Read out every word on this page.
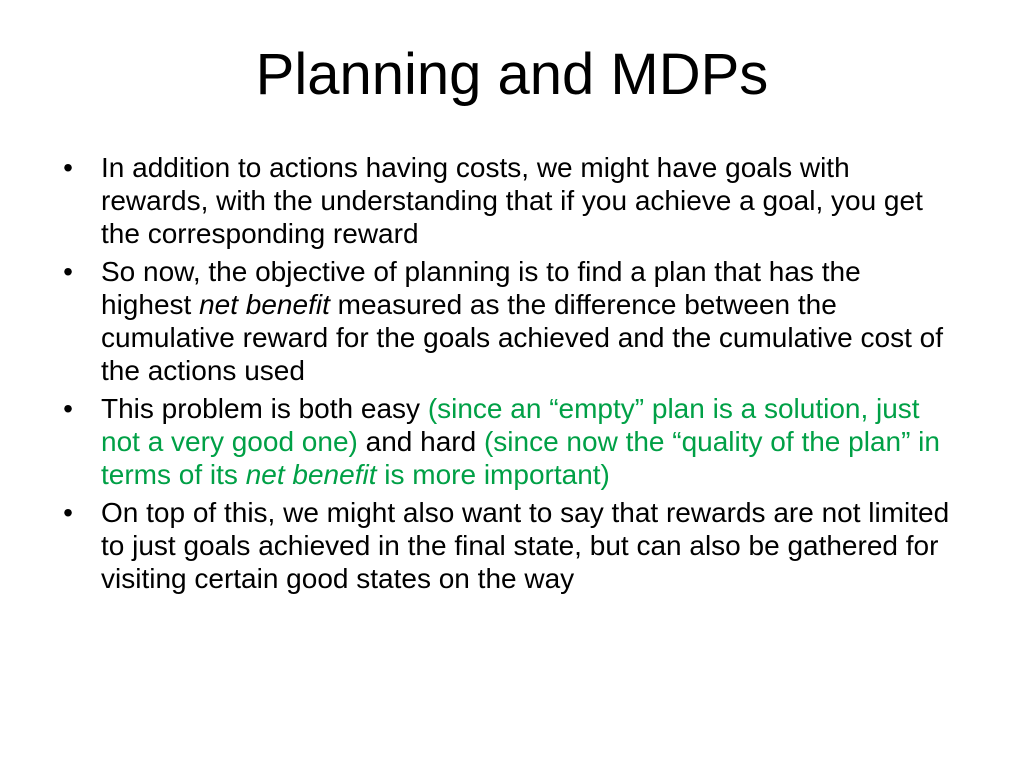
Planning and MDPs
• In addition to actions having costs, we might have goals with rewards, with the understanding that if you achieve a goal, you get the corresponding reward
• So now, the objective of planning is to find a plan that has the highest net benefit measured as the difference between the cumulative reward for the goals achieved and the cumulative cost of the actions used
• This problem is both easy (since an “empty” plan is a solution, just not a very good one) and hard (since now the “quality of the plan” in terms of its net benefit is more important)
• On top of this, we might also want to say that rewards are not limited to just goals achieved in the final state, but can also be gathered for visiting certain good states on the way
